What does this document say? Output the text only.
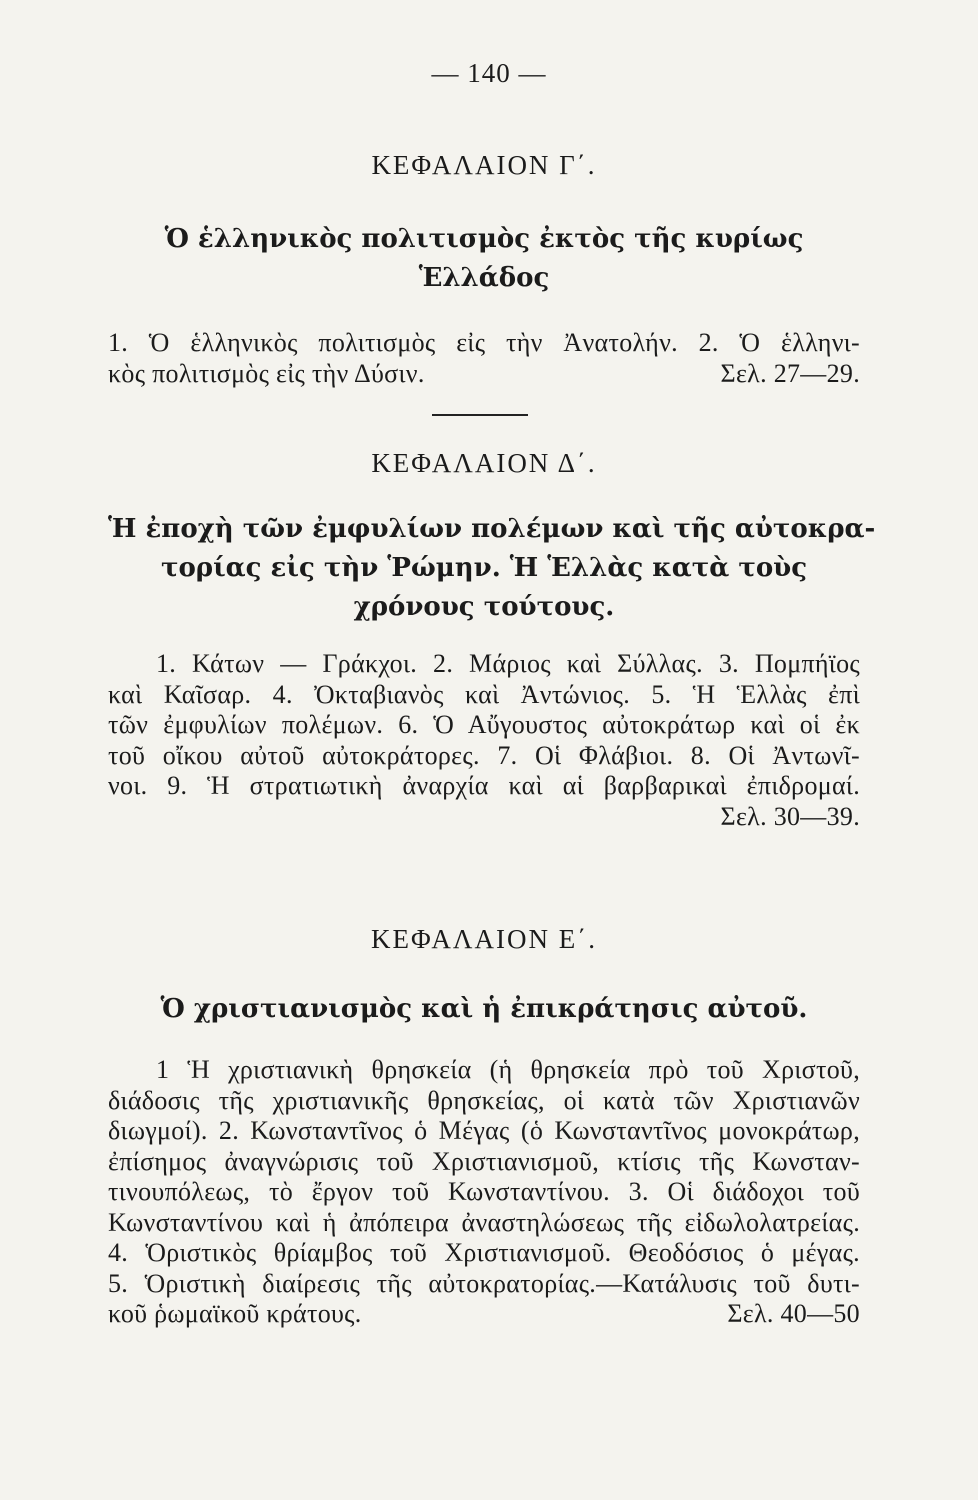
— 140 —

ΚΕΦΑΛΑΙΟΝ Γ΄.

Ὁ ἑλληνικὸς πολιτισμὸς ἐκτὸς τῆς κυρίως
Ἑλλάδος
1. Ὁ ἑλληνικὸς πολιτισμὸς εἰς τὴν Ἀνατολήν. 2. Ὁ ἑλληνι-
κὸς πολιτισμὸς εἰς τὴν Δύσιν.	Σελ. 27—29.

ΚΕΦΑΛΑΙΟΝ Δ΄.

Ἡ ἐποχὴ τῶν ἐμφυλίων πολέμων καὶ τῆς αὐτοκρα-
τορίας εἰς τὴν Ῥώμην. Ἡ Ἑλλὰς κατὰ τοὺς
χρόνους τούτους.
1. Κάτων — Γράκχοι. 2. Μάριος καὶ Σύλλας. 3. Πομπήϊος
καὶ Καῖσαρ. 4. Ὀκταβιανὸς καὶ Ἀντώνιος. 5. Ἡ Ἑλλὰς ἐπὶ
τῶν ἐμφυλίων πολέμων. 6. Ὁ Αὔγουστος αὐτοκράτωρ καὶ οἱ ἐκ
τοῦ οἴκου αὐτοῦ αὐτοκράτορες. 7. Οἱ Φλάβιοι. 8. Οἱ Ἀντωνῖ-
νοι. 9. Ἡ στρατιωτικὴ ἀναρχία καὶ αἱ βαρβαρικαὶ ἐπιδρομαί.
Σελ. 30—39.

ΚΕΦΑΛΑΙΟΝ Ε΄.

Ὁ χριστιανισμὸς καὶ ἡ ἐπικράτησις αὐτοῦ.
1 Ἡ χριστιανικὴ θρησκεία (ἡ θρησκεία πρὸ τοῦ Χριστοῦ,
διάδοσις τῆς χριστιανικῆς θρησκείας, οἱ κατὰ τῶν Χριστιανῶν
διωγμοί). 2. Κωνσταντῖνος ὁ Μέγας (ὁ Κωνσταντῖνος μονοκράτωρ,
ἐπίσημος ἀναγνώρισις τοῦ Χριστιανισμοῦ, κτίσις τῆς Κωνσταν-
τινουπόλεως, τὸ ἔργον τοῦ Κωνσταντίνου. 3. Οἱ διάδοχοι τοῦ
Κωνσταντίνου καὶ ἡ ἀπόπειρα ἀναστηλώσεως τῆς εἰδωλολατρείας.
4. Ὁριστικὸς θρίαμβος τοῦ Χριστιανισμοῦ. Θεοδόσιος ὁ μέγας.
5. Ὁριστικὴ διαίρεσις τῆς αὐτοκρατορίας.—Κατάλυσις τοῦ δυτι-
κοῦ ῥωμαϊκοῦ κράτους.	Σελ. 40—50
